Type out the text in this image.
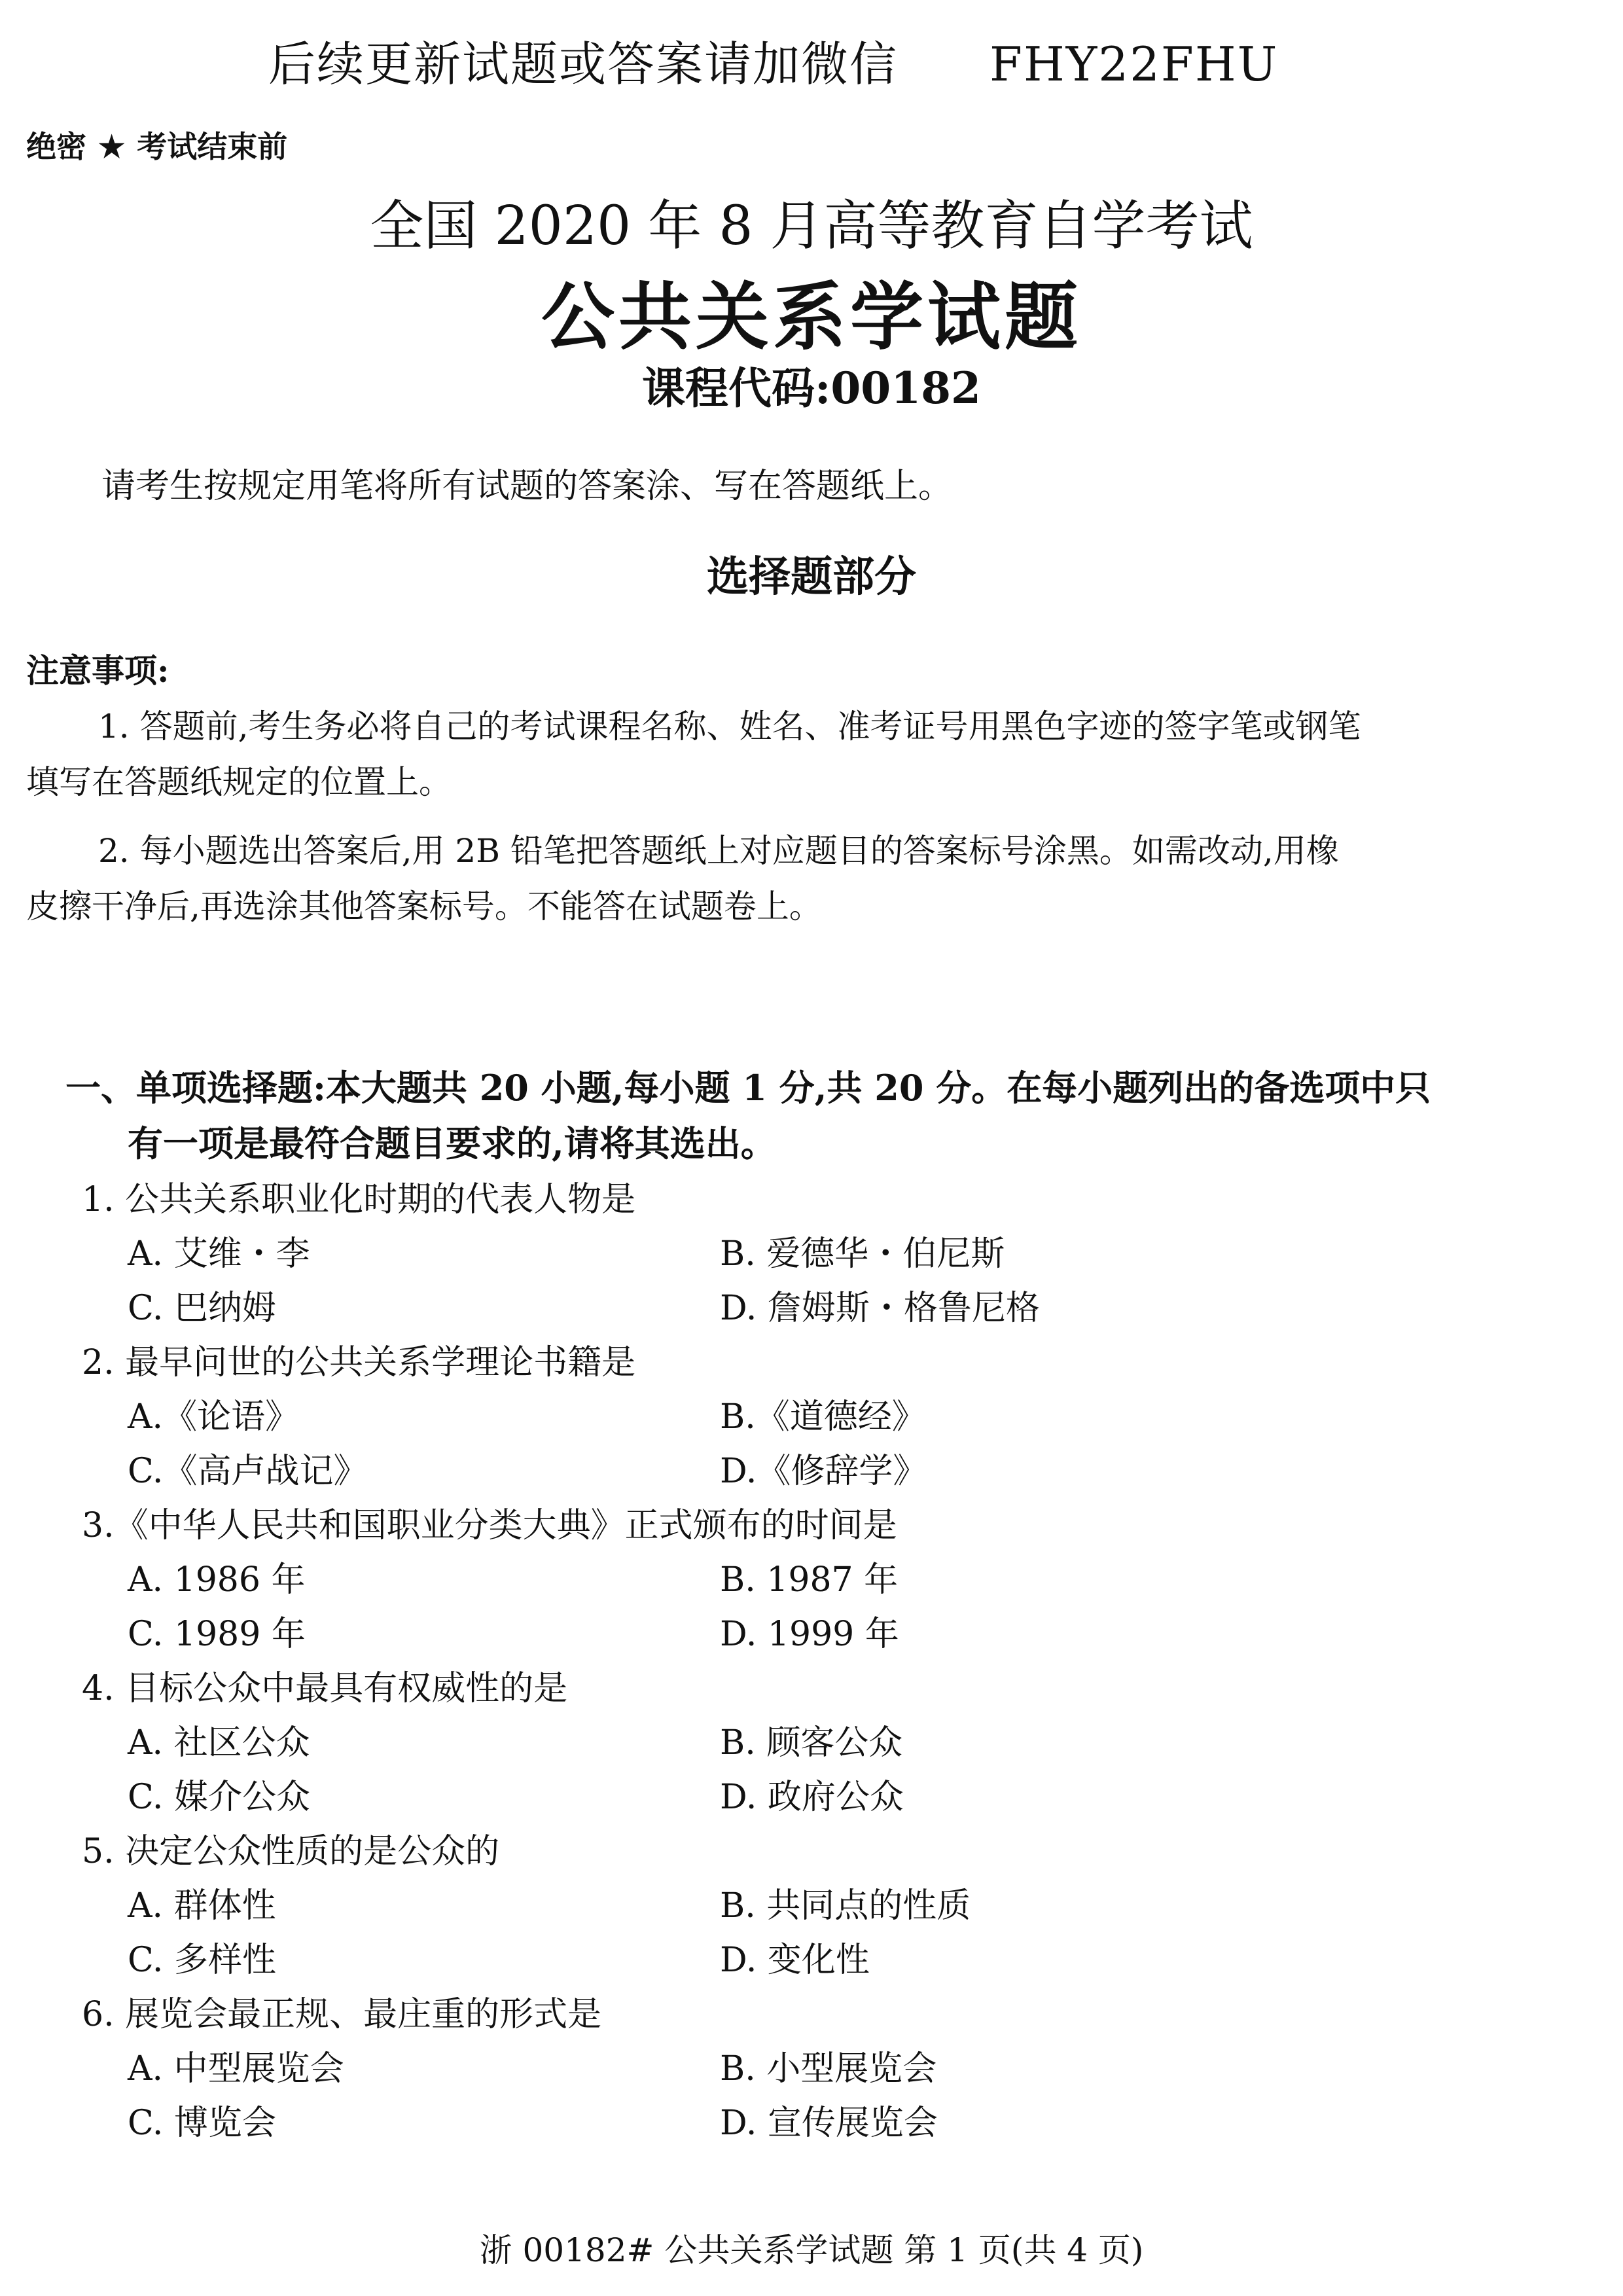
后续更新试题或答案请加微信 FHY22FHU
绝密 ★ 考试结束前
全国 2020 年 8 月高等教育自学考试
公共关系学试题
课程代码:00182
请考生按规定用笔将所有试题的答案涂、写在答题纸上。
选择题部分
注意事项:
1. 答题前,考生务必将自己的考试课程名称、姓名、准考证号用黑色字迹的签字笔或钢笔
填写在答题纸规定的位置上。
2. 每小题选出答案后,用 2B 铅笔把答题纸上对应题目的答案标号涂黑。如需改动,用橡
皮擦干净后,再选涂其他答案标号。不能答在试题卷上。
一、单项选择题:本大题共 20 小题,每小题 1 分,共 20 分。在每小题列出的备选项中只
有一项是最符合题目要求的,请将其选出。
1. 公共关系职业化时期的代表人物是
A. 艾维・李	B. 爱德华・伯尼斯
C. 巴纳姆	D. 詹姆斯・格鲁尼格
2. 最早问世的公共关系学理论书籍是
A.《论语》	B.《道德经》
C.《高卢战记》	D.《修辞学》
3.《中华人民共和国职业分类大典》正式颁布的时间是
A. 1986 年	B. 1987 年
C. 1989 年	D. 1999 年
4. 目标公众中最具有权威性的是
A. 社区公众	B. 顾客公众
C. 媒介公众	D. 政府公众
5. 决定公众性质的是公众的
A. 群体性	B. 共同点的性质
C. 多样性	D. 变化性
6. 展览会最正规、最庄重的形式是
A. 中型展览会	B. 小型展览会
C. 博览会	D. 宣传展览会
浙 00182# 公共关系学试题 第 1 页(共 4 页)
